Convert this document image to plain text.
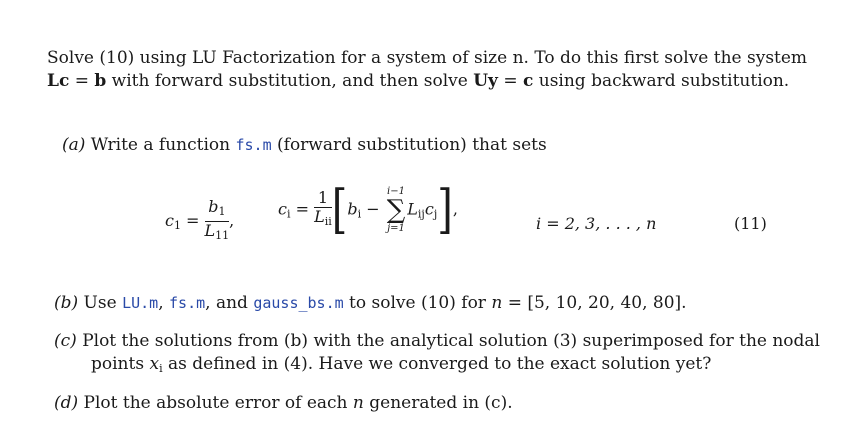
Solve (10) using LU Factorization for a system of size n. To do this first solve the system
Lc = b with forward substitution, and then solve Uy = c using backward substitution.
(a) Write a function fs.m (forward substitution) that sets
$c_1 = \frac{b_1}{L_{11}}$ ,
$c_i = \frac{1}{L_{ii}} [b_i$ −
i−1
∑
j=1
$L_{ij}c_j$],
i = 2, 3, . . . , n	(11)
(b) Use LU.m, fs.m, and gauss_bs.m to solve (10) for n = [5, 10, 20, 40, 80].
(c) Plot the solutions from (b) with the analytical solution (3) superimposed for the nodal
points $x_i$ as defined in (4). Have we converged to the exact solution yet?
(d) Plot the absolute error of each n generated in (c).
